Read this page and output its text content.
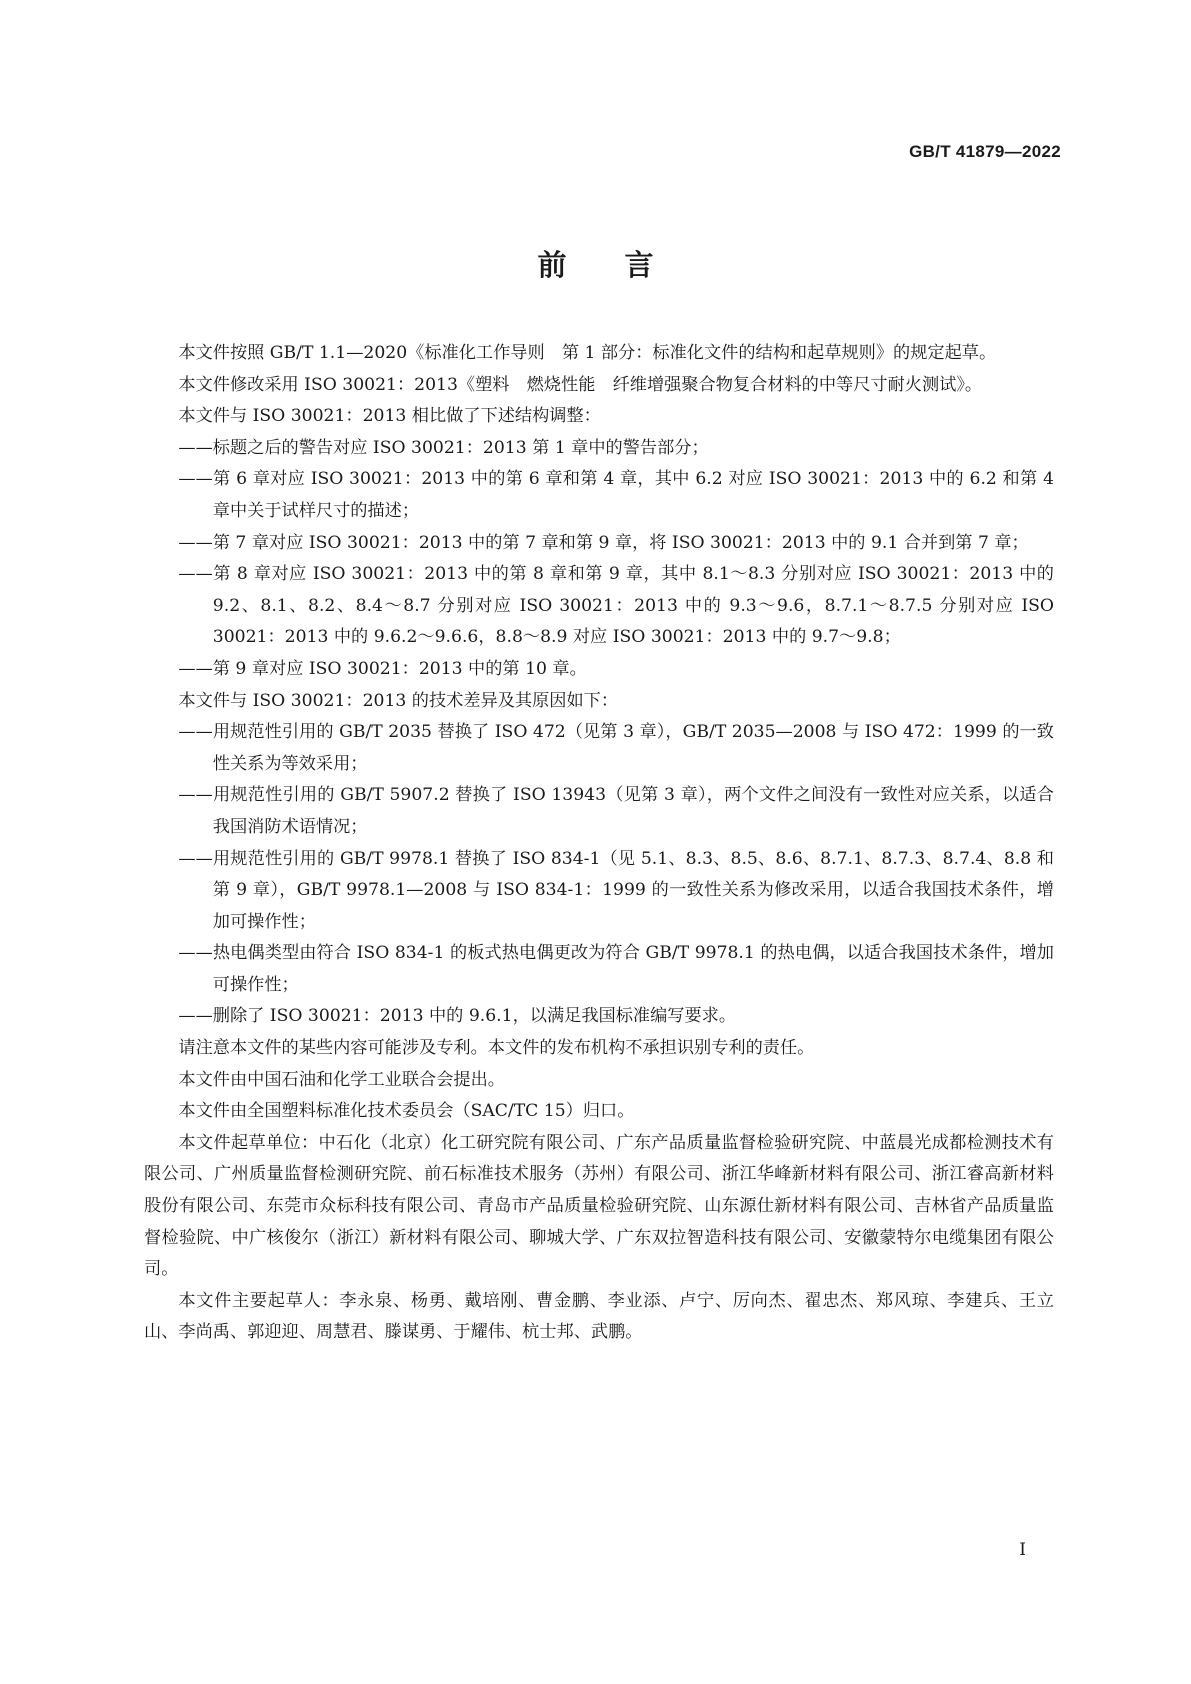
GB/T 41879—2022
前言

本文件按照 GB/T 1.1—2020《标准化工作导则　第 1 部分：标准化文件的结构和起草规则》的规定起草。

本文件修改采用 ISO 30021：2013《塑料　燃烧性能　纤维增强聚合物复合材料的中等尺寸耐火测试》。

本文件与 ISO 30021：2013 相比做了下述结构调整：

——标题之后的警告对应 ISO 30021：2013 第 1 章中的警告部分；

——第 6 章对应 ISO 30021：2013 中的第 6 章和第 4 章，其中 6.2 对应 ISO 30021：2013 中的 6.2 和第 4 章中关于试样尺寸的描述；

——第 7 章对应 ISO 30021：2013 中的第 7 章和第 9 章，将 ISO 30021：2013 中的 9.1 合并到第 7 章；

——第 8 章对应 ISO 30021：2013 中的第 8 章和第 9 章，其中 8.1～8.3 分别对应 ISO 30021：2013 中的 9.2、8.1、8.2、8.4～8.7 分别对应 ISO 30021：2013 中的 9.3～9.6，8.7.1～8.7.5 分别对应 ISO 30021：2013 中的 9.6.2～9.6.6，8.8～8.9 对应 ISO 30021：2013 中的 9.7～9.8；

——第 9 章对应 ISO 30021：2013 中的第 10 章。

本文件与 ISO 30021：2013 的技术差异及其原因如下：

——用规范性引用的 GB/T 2035 替换了 ISO 472（见第 3 章），GB/T 2035—2008 与 ISO 472：1999 的一致性关系为等效采用；

——用规范性引用的 GB/T 5907.2 替换了 ISO 13943（见第 3 章），两个文件之间没有一致性对应关系，以适合我国消防术语情况；

——用规范性引用的 GB/T 9978.1 替换了 ISO 834-1（见 5.1、8.3、8.5、8.6、8.7.1、8.7.3、8.7.4、8.8 和第 9 章），GB/T 9978.1—2008 与 ISO 834-1：1999 的一致性关系为修改采用，以适合我国技术条件，增加可操作性；

——热电偶类型由符合 ISO 834-1 的板式热电偶更改为符合 GB/T 9978.1 的热电偶，以适合我国技术条件，增加可操作性；

——删除了 ISO 30021：2013 中的 9.6.1，以满足我国标准编写要求。

请注意本文件的某些内容可能涉及专利。本文件的发布机构不承担识别专利的责任。

本文件由中国石油和化学工业联合会提出。

本文件由全国塑料标准化技术委员会（SAC/TC 15）归口。

本文件起草单位：中石化（北京）化工研究院有限公司、广东产品质量监督检验研究院、中蓝晨光成都检测技术有限公司、广州质量监督检测研究院、前石标准技术服务（苏州）有限公司、浙江华峰新材料有限公司、浙江睿高新材料股份有限公司、东莞市众标科技有限公司、青岛市产品质量检验研究院、山东源仕新材料有限公司、吉林省产品质量监督检验院、中广核俊尔（浙江）新材料有限公司、聊城大学、广东双拉智造科技有限公司、安徽蒙特尔电缆集团有限公司。

本文件主要起草人：李永泉、杨勇、戴培刚、曹金鹏、李业添、卢宁、厉向杰、翟忠杰、郑风琼、李建兵、王立山、李尚禹、郭迎迎、周慧君、滕谋勇、于耀伟、杭士邦、武鹏。

Ⅰ
